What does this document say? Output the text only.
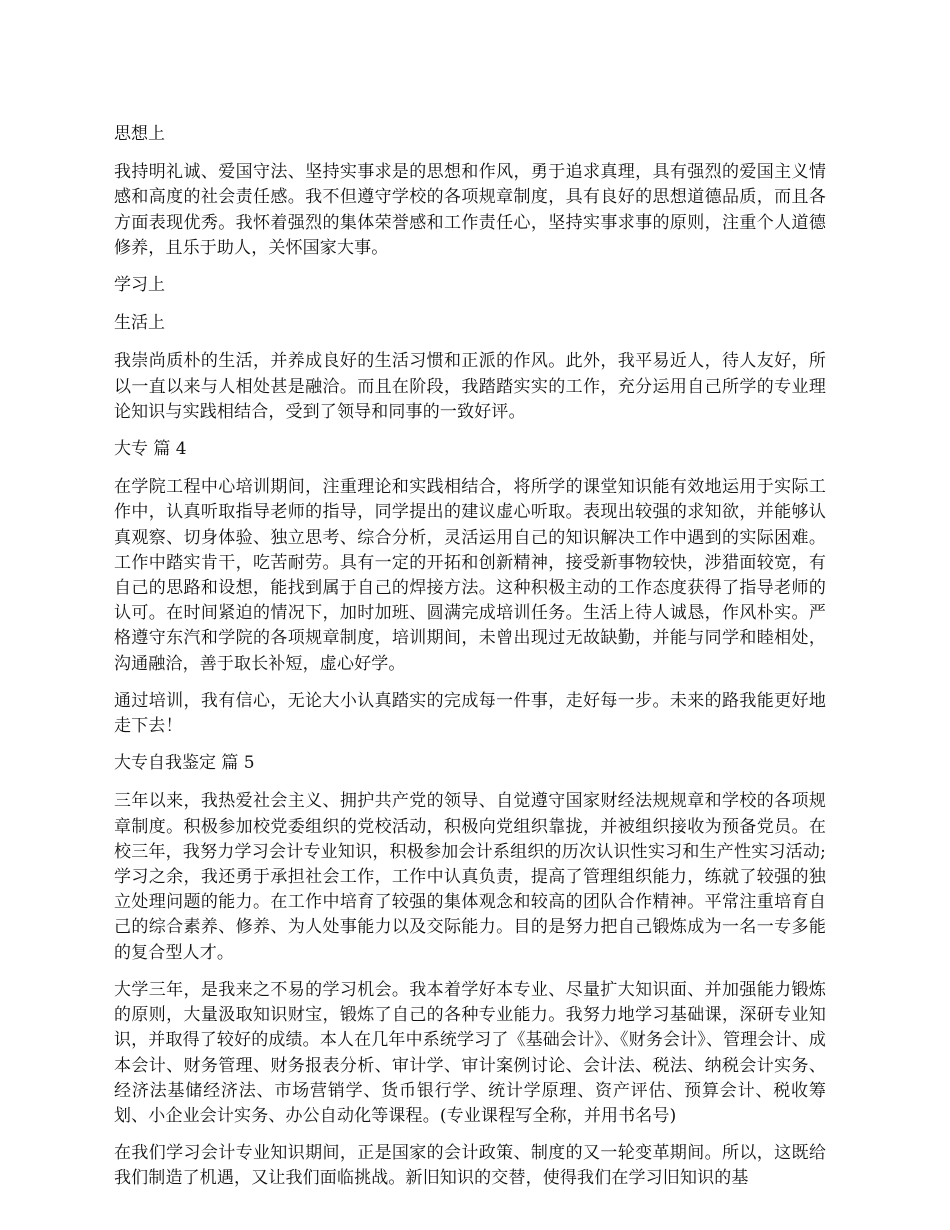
思想上

我持明礼诚、爱国守法、坚持实事求是的思想和作风，勇于追求真理，具有强烈的爱国主义情感和高度的社会责任感。我不但遵守学校的各项规章制度，具有良好的思想道德品质，而且各方面表现优秀。我怀着强烈的集体荣誉感和工作责任心，坚持实事求事的原则，注重个人道德修养，且乐于助人，关怀国家大事。

学习上
生活上

我崇尚质朴的生活，并养成良好的生活习惯和正派的作风。此外，我平易近人，待人友好，所以一直以来与人相处甚是融洽。而且在阶段，我踏踏实实的工作，充分运用自己所学的专业理论知识与实践相结合，受到了领导和同事的一致好评。

大专 篇 4

在学院工程中心培训期间，注重理论和实践相结合，将所学的课堂知识能有效地运用于实际工作中，认真听取指导老师的指导，同学提出的建议虚心听取。表现出较强的求知欲，并能够认真观察、切身体验、独立思考、综合分析，灵活运用自己的知识解决工作中遇到的实际困难。工作中踏实肯干，吃苦耐劳。具有一定的开拓和创新精神，接受新事物较快，涉猎面较宽，有自己的思路和设想，能找到属于自己的焊接方法。这种积极主动的工作态度获得了指导老师的认可。在时间紧迫的情况下，加时加班、圆满完成培训任务。生活上待人诚恳，作风朴实。严格遵守东汽和学院的各项规章制度，培训期间，未曾出现过无故缺勤，并能与同学和睦相处，沟通融洽，善于取长补短，虚心好学。

通过培训，我有信心，无论大小认真踏实的完成每一件事，走好每一步。未来的路我能更好地走下去！

大专自我鉴定 篇 5

三年以来，我热爱社会主义、拥护共产党的领导、自觉遵守国家财经法规规章和学校的各项规章制度。积极参加校党委组织的党校活动，积极向党组织靠拢，并被组织接收为预备党员。在校三年，我努力学习会计专业知识，积极参加会计系组织的历次认识性实习和生产性实习活动;学习之余，我还勇于承担社会工作，工作中认真负责，提高了管理组织能力，练就了较强的独立处理问题的能力。在工作中培育了较强的集体观念和较高的团队合作精神。平常注重培育自己的综合素养、修养、为人处事能力以及交际能力。目的是努力把自己锻炼成为一名一专多能的复合型人才。

大学三年，是我来之不易的学习机会。我本着学好本专业、尽量扩大知识面、并加强能力锻炼的原则，大量汲取知识财宝，锻炼了自己的各种专业能力。我努力地学习基础课，深研专业知识，并取得了较好的成绩。本人在几年中系统学习了《基础会计》、《财务会计》、管理会计、成本会计、财务管理、财务报表分析、审计学、审计案例讨论、会计法、税法、纳税会计实务、经济法基储经济法、市场营销学、货币银行学、统计学原理、资产评估、预算会计、税收筹划、小企业会计实务、办公自动化等课程。(专业课程写全称，并用书名号)

在我们学习会计专业知识期间，正是国家的会计政策、制度的又一轮变革期间。所以，这既给我们制造了机遇，又让我们面临挑战。新旧知识的交替，使得我们在学习旧知识的基
